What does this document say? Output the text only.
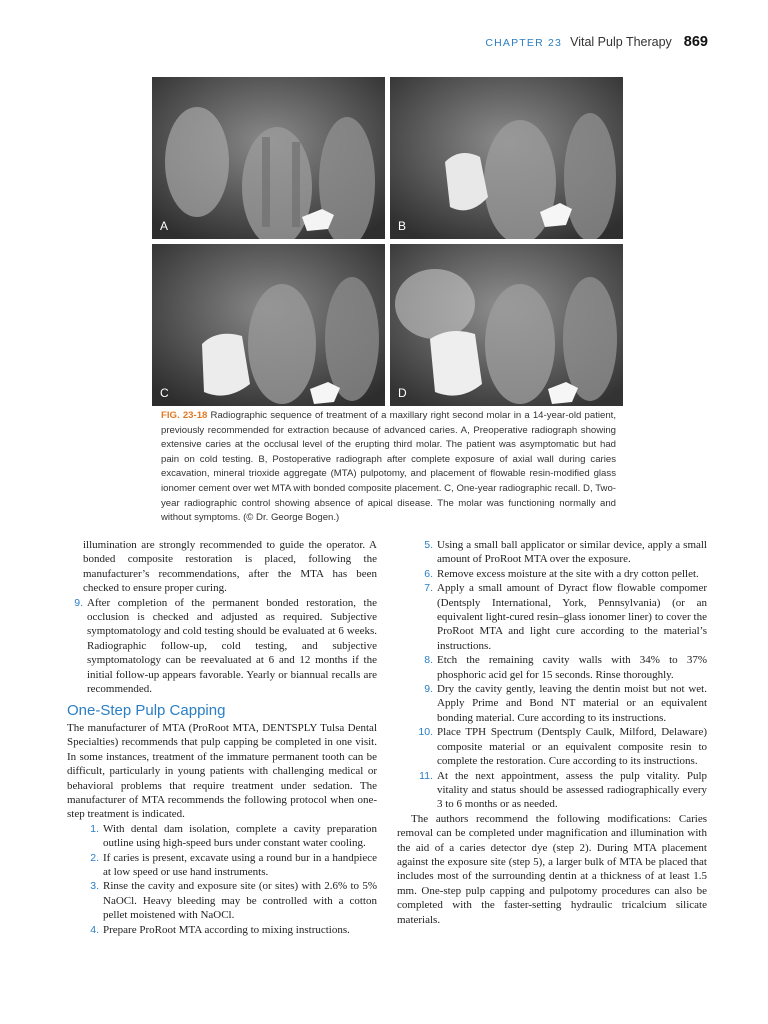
CHAPTER 23 Vital Pulp Therapy 869
A	B
C	D
FIG. 23-18 Radiographic sequence of treatment of a maxillary right second molar in a 14-year-old patient, previously recommended for extraction because of advanced caries. A, Preoperative radiograph showing extensive caries at the occlusal level of the erupting third molar. The patient was asymptomatic but had pain on cold testing. B, Postoperative radiograph after complete exposure of axial wall during caries excavation, mineral trioxide aggregate (MTA) pulpotomy, and placement of flowable resin-modified glass ionomer cement over wet MTA with bonded composite placement. C, One-year radiographic recall. D, Two-year radiographic control showing absence of apical disease. The molar was functioning normally and without symptoms. (© Dr. George Bogen.)
illumination are strongly recommended to guide the operator. A bonded composite restoration is placed, following the manufacturer’s recommendations, after the MTA has been checked to ensure proper curing.
9. After completion of the permanent bonded restoration, the occlusion is checked and adjusted as required. Subjective symptomatology and cold testing should be evaluated at 6 weeks. Radiographic follow-up, cold testing, and subjective symptomatology can be reevaluated at 6 and 12 months if the initial follow-up appears favorable. Yearly or biannual recalls are recommended.
One-Step Pulp Capping
The manufacturer of MTA (ProRoot MTA, DENTSPLY Tulsa Dental Specialties) recommends that pulp capping be completed in one visit. In some instances, treatment of the immature permanent tooth can be difficult, particularly in young patients with challenging medical or behavioral problems that require treatment under sedation. The manufacturer of MTA recommends the following protocol when one-step treatment is indicated.
1. With dental dam isolation, complete a cavity preparation outline using high-speed burs under constant water cooling.
2. If caries is present, excavate using a round bur in a handpiece at low speed or use hand instruments.
3. Rinse the cavity and exposure site (or sites) with 2.6% to 5% NaOCl. Heavy bleeding may be controlled with a cotton pellet moistened with NaOCl.
4. Prepare ProRoot MTA according to mixing instructions.
5. Using a small ball applicator or similar device, apply a small amount of ProRoot MTA over the exposure.
6. Remove excess moisture at the site with a dry cotton pellet.
7. Apply a small amount of Dyract flow flowable compomer (Dentsply International, York, Pennsylvania) (or an equivalent light-cured resin–glass ionomer liner) to cover the ProRoot MTA and light cure according to the material’s instructions.
8. Etch the remaining cavity walls with 34% to 37% phosphoric acid gel for 15 seconds. Rinse thoroughly.
9. Dry the cavity gently, leaving the dentin moist but not wet. Apply Prime and Bond NT material or an equivalent bonding material. Cure according to its instructions.
10. Place TPH Spectrum (Dentsply Caulk, Milford, Delaware) composite material or an equivalent composite resin to complete the restoration. Cure according to its instructions.
11. At the next appointment, assess the pulp vitality. Pulp vitality and status should be assessed radiographically every 3 to 6 months or as needed.
The authors recommend the following modifications: Caries removal can be completed under magnification and illumination with the aid of a caries detector dye (step 2). During MTA placement against the exposure site (step 5), a larger bulk of MTA be placed that includes most of the surrounding dentin at a thickness of at least 1.5 mm. One-step pulp capping and pulpotomy procedures can also be completed with the faster-setting hydraulic tricalcium silicate materials.
